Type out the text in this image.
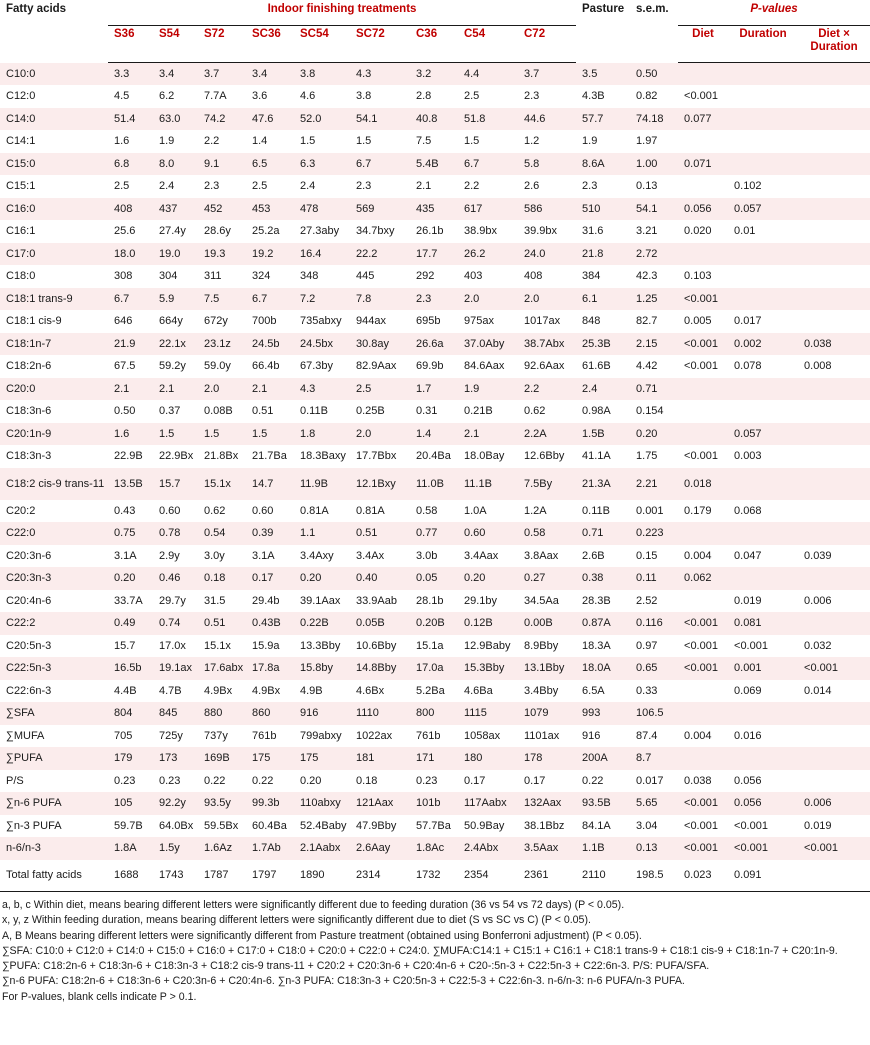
Fatty acids	Indoor finishing treatments									Pasture	s.e.m.	P-values		
	S36	S54	S72	SC36	SC54	SC72	C36	C54	C72			Diet	Duration	Diet × Duration
C10:0	3.3	3.4	3.7	3.4	3.8	4.3	3.2	4.4	3.7	3.5	0.50			
C12:0	4.5	6.2	7.7A	3.6	4.6	3.8	2.8	2.5	2.3	4.3B	0.82	<0.001		
C14:0	51.4	63.0	74.2	47.6	52.0	54.1	40.8	51.8	44.6	57.7	74.18	0.077		
C14:1	1.6	1.9	2.2	1.4	1.5	1.5	7.5	1.5	1.2	1.9	1.97			
C15:0	6.8	8.0	9.1	6.5	6.3	6.7	5.4B	6.7	5.8	8.6A	1.00	0.071		
C15:1	2.5	2.4	2.3	2.5	2.4	2.3	2.1	2.2	2.6	2.3	0.13		0.102	
C16:0	408	437	452	453	478	569	435	617	586	510	54.1	0.056	0.057	
C16:1	25.6	27.4y	28.6y	25.2a	27.3aby	34.7bxy	26.1b	38.9bx	39.9bx	31.6	3.21	0.020	0.01	
C17:0	18.0	19.0	19.3	19.2	16.4	22.2	17.7	26.2	24.0	21.8	2.72			
C18:0	308	304	311	324	348	445	292	403	408	384	42.3	0.103		
C18:1 trans-9	6.7	5.9	7.5	6.7	7.2	7.8	2.3	2.0	2.0	6.1	1.25	<0.001		
C18:1 cis-9	646	664y	672y	700b	735abxy	944ax	695b	975ax	1017ax	848	82.7	0.005	0.017	
C18:1n-7	21.9	22.1x	23.1z	24.5b	24.5bx	30.8ay	26.6a	37.0Aby	38.7Abx	25.3B	2.15	<0.001	0.002	0.038
C18:2n-6	67.5	59.2y	59.0y	66.4b	67.3by	82.9Aax	69.9b	84.6Aax	92.6Aax	61.6B	4.42	<0.001	0.078	0.008
C20:0	2.1	2.1	2.0	2.1	4.3	2.5	1.7	1.9	2.2	2.4	0.71			
C18:3n-6	0.50	0.37	0.08B	0.51	0.11B	0.25B	0.31	0.21B	0.62	0.98A	0.154			
C20:1n-9	1.6	1.5	1.5	1.5	1.8	2.0	1.4	2.1	2.2A	1.5B	0.20		0.057	
C18:3n-3	22.9B	22.9Bx	21.8Bx	21.7Ba	18.3Baxy	17.7Bbx	20.4Ba	18.0Bay	12.6Bby	41.1A	1.75	<0.001	0.003	
C18:2 cis-9 trans-11	13.5B	15.7	15.1x	14.7	11.9B	12.1Bxy	11.0B	11.1B	7.5By	21.3A	2.21	0.018		
C20:2	0.43	0.60	0.62	0.60	0.81A	0.81A	0.58	1.0A	1.2A	0.11B	0.001	0.179	0.068	
C22:0	0.75	0.78	0.54	0.39	1.1	0.51	0.77	0.60	0.58	0.71	0.223			
C20:3n-6	3.1A	2.9y	3.0y	3.1A	3.4Axy	3.4Ax	3.0b	3.4Aax	3.8Aax	2.6B	0.15	0.004	0.047	0.039
C20:3n-3	0.20	0.46	0.18	0.17	0.20	0.40	0.05	0.20	0.27	0.38	0.11	0.062		
C20:4n-6	33.7A	29.7y	31.5	29.4b	39.1Aax	33.9Aab	28.1b	29.1by	34.5Aa	28.3B	2.52		0.019	0.006
C22:2	0.49	0.74	0.51	0.43B	0.22B	0.05B	0.20B	0.12B	0.00B	0.87A	0.116	<0.001	0.081	
C20:5n-3	15.7	17.0x	15.1x	15.9a	13.3Bby	10.6Bby	15.1a	12.9Baby	8.9Bby	18.3A	0.97	<0.001	<0.001	0.032
C22:5n-3	16.5b	19.1ax	17.6abx	17.8a	15.8by	14.8Bby	17.0a	15.3Bby	13.1Bby	18.0A	0.65	<0.001	0.001	<0.001
C22:6n-3	4.4B	4.7B	4.9Bx	4.9Bx	4.9B	4.6Bx	5.2Ba	4.6Ba	3.4Bby	6.5A	0.33		0.069	0.014
∑SFA	804	845	880	860	916	1110	800	1115	1079	993	106.5			
∑MUFA	705	725y	737y	761b	799abxy	1022ax	761b	1058ax	1101ax	916	87.4	0.004	0.016	
∑PUFA	179	173	169B	175	175	181	171	180	178	200A	8.7			
P/S	0.23	0.23	0.22	0.22	0.20	0.18	0.23	0.17	0.17	0.22	0.017	0.038	0.056	
∑n-6 PUFA	105	92.2y	93.5y	99.3b	110abxy	121Aax	101b	117Aabx	132Aax	93.5B	5.65	<0.001	0.056	0.006
∑n-3 PUFA	59.7B	64.0Bx	59.5Bx	60.4Ba	52.4Baby	47.9Bby	57.7Ba	50.9Bay	38.1Bbz	84.1A	3.04	<0.001	<0.001	0.019
n-6/n-3	1.8A	1.5y	1.6Az	1.7Ab	2.1Aabx	2.6Aay	1.8Ac	2.4Abx	3.5Aax	1.1B	0.13	<0.001	<0.001	<0.001
Total fatty acids	1688	1743	1787	1797	1890	2314	1732	2354	2361	2110	198.5	0.023	0.091	

a, b, c Within diet, means bearing different letters were significantly different due to feeding duration (36 vs 54 vs 72 days) (P < 0.05).

x, y, z Within feeding duration, means bearing different letters were significantly different due to diet (S vs SC vs C) (P < 0.05).

A, B Means bearing different letters were significantly different from Pasture treatment (obtained using Bonferroni adjustment) (P < 0.05).

∑SFA: C10:0 + C12:0 + C14:0 + C15:0 + C16:0 + C17:0 + C18:0 + C20:0 + C22:0 + C24:0. ∑MUFA:C14:1 + C15:1 + C16:1 + C18:1 trans-9 + C18:1 cis-9 + C18:1n-7 + C20:1n-9. ∑PUFA: C18:2n-6 + C18:3n-6 + C18:3n-3 + C18:2 cis-9 trans-11 + C20:2 + C20:3n-6 + C20:4n-6 + C20-:5n-3 + C22:5n-3 + C22:6n-3. P/S: PUFA/SFA.

∑n-6 PUFA: C18:2n-6 + C18:3n-6 + C20:3n-6 + C20:4n-6. ∑n-3 PUFA: C18:3n-3 + C20:5n-3 + C22:5-3 + C22:6n-3. n-6/n-3: n-6 PUFA/n-3 PUFA.

For P-values, blank cells indicate P > 0.1.
